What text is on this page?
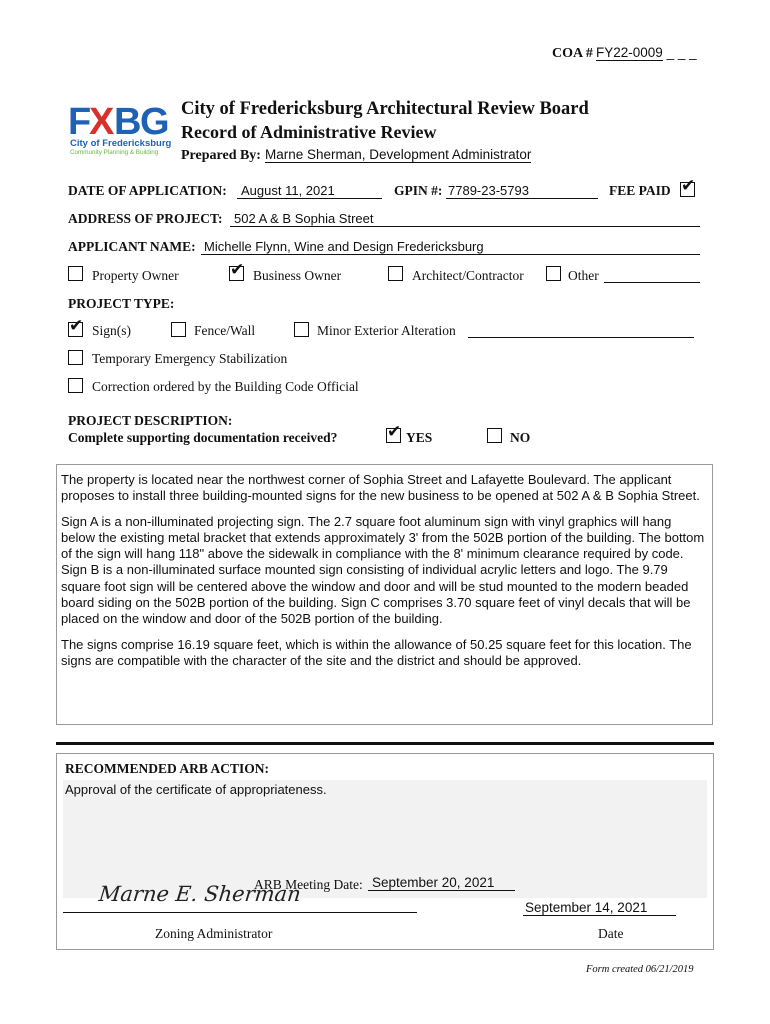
COA # FY22-0009 _ _ _
F X B G
City of Fredericksburg
Community Planning & Building
City of Fredericksburg Architectural Review Board
Record of Administrative Review
Prepared By: Marne Sherman, Development Administrator
DATE OF APPLICATION:	August 11, 2021	GPIN #: 7789-23-5793	FEE PAID ✔
ADDRESS OF PROJECT: 502 A & B Sophia Street
APPLICANT NAME: Michelle Flynn, Wine and Design Fredericksburg
Property Owner	✔ Business Owner	Architect/Contractor	Other
PROJECT TYPE:
✔ Sign(s)	Fence/Wall	Minor Exterior Alteration
Temporary Emergency Stabilization
Correction ordered by the Building Code Official
PROJECT DESCRIPTION:
Complete supporting documentation received?	✔ YES	NO

The property is located near the northwest corner of Sophia Street and Lafayette Boulevard. The applicant proposes to install three building-mounted signs for the new business to be opened at 502 A & B Sophia Street.

Sign A is a non-illuminated projecting sign. The 2.7 square foot aluminum sign with vinyl graphics will hang below the existing metal bracket that extends approximately 3' from the 502B portion of the building. The bottom of the sign will hang 118" above the sidewalk in compliance with the 8' minimum clearance required by code. Sign B is a non-illuminated surface mounted sign consisting of individual acrylic letters and logo. The 9.79 square foot sign will be centered above the window and door and will be stud mounted to the modern beaded board siding on the 502B portion of the building. Sign C comprises 3.70 square feet of vinyl decals that will be placed on the window and door of the 502B portion of the building.

The signs comprise 16.19 square feet, which is within the allowance of 50.25 square feet for this location. The signs are compatible with the character of the site and the district and should be approved.

RECOMMENDED ARB ACTION:
Approval of the certificate of appropriateness.
ARB Meeting Date: September 20, 2021
Marne E. Sherman
September 14, 2021
Zoning Administrator	Date
Form created 06/21/2019
